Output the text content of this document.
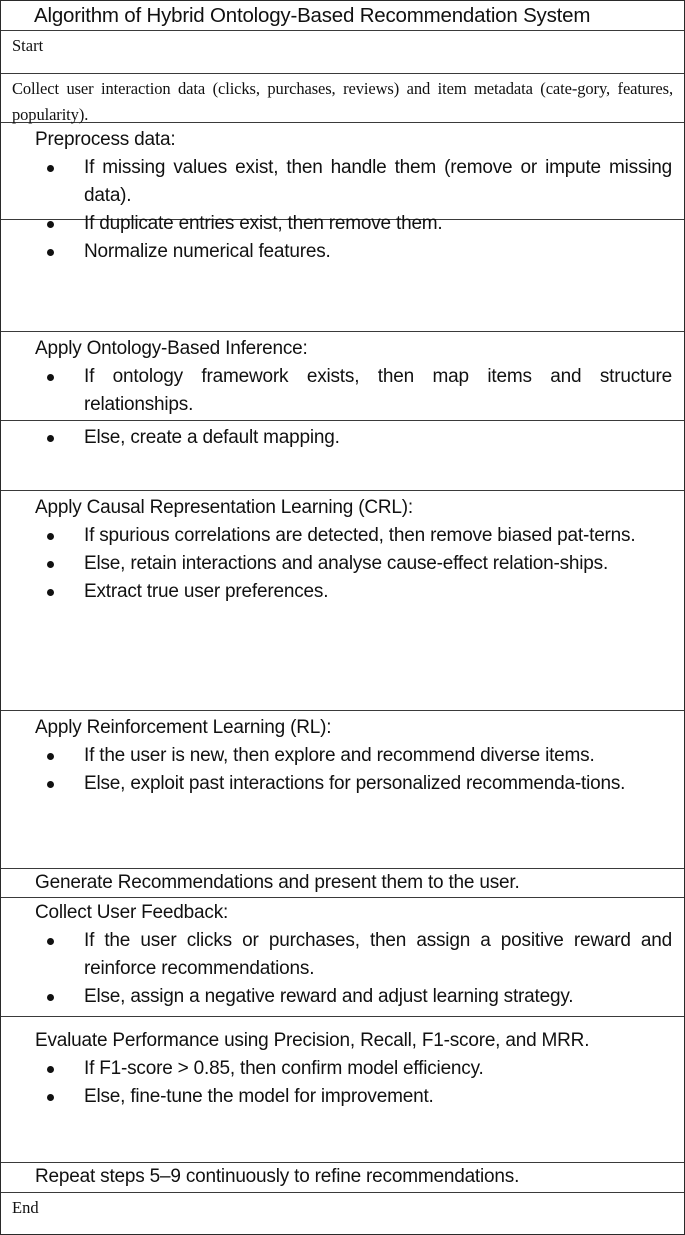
Algorithm of Hybrid Ontology-Based Recommendation System
Start
Collect user interaction data (clicks, purchases, reviews) and item metadata (cate-gory, features, popularity).
Preprocess data:
If missing values exist, then handle them (remove or impute missing data).
If duplicate entries exist, then remove them.
Normalize numerical features.
Apply Ontology-Based Inference:
If ontology framework exists, then map items and structure relationships.
Else, create a default mapping.
Apply Causal Representation Learning (CRL):
If spurious correlations are detected, then remove biased pat-terns.
Else, retain interactions and analyse cause-effect relation-ships.
Extract true user preferences.
Apply Reinforcement Learning (RL):
If the user is new, then explore and recommend diverse items.
Else, exploit past interactions for personalized recommenda-tions.
Generate Recommendations and present them to the user.
Collect User Feedback:
If the user clicks or purchases, then assign a positive reward and reinforce recommendations.
Else, assign a negative reward and adjust learning strategy.
Evaluate Performance using Precision, Recall, F1-score, and MRR.
If F1-score > 0.85, then confirm model efficiency.
Else, fine-tune the model for improvement.
Repeat steps 5–9 continuously to refine recommendations.
End
